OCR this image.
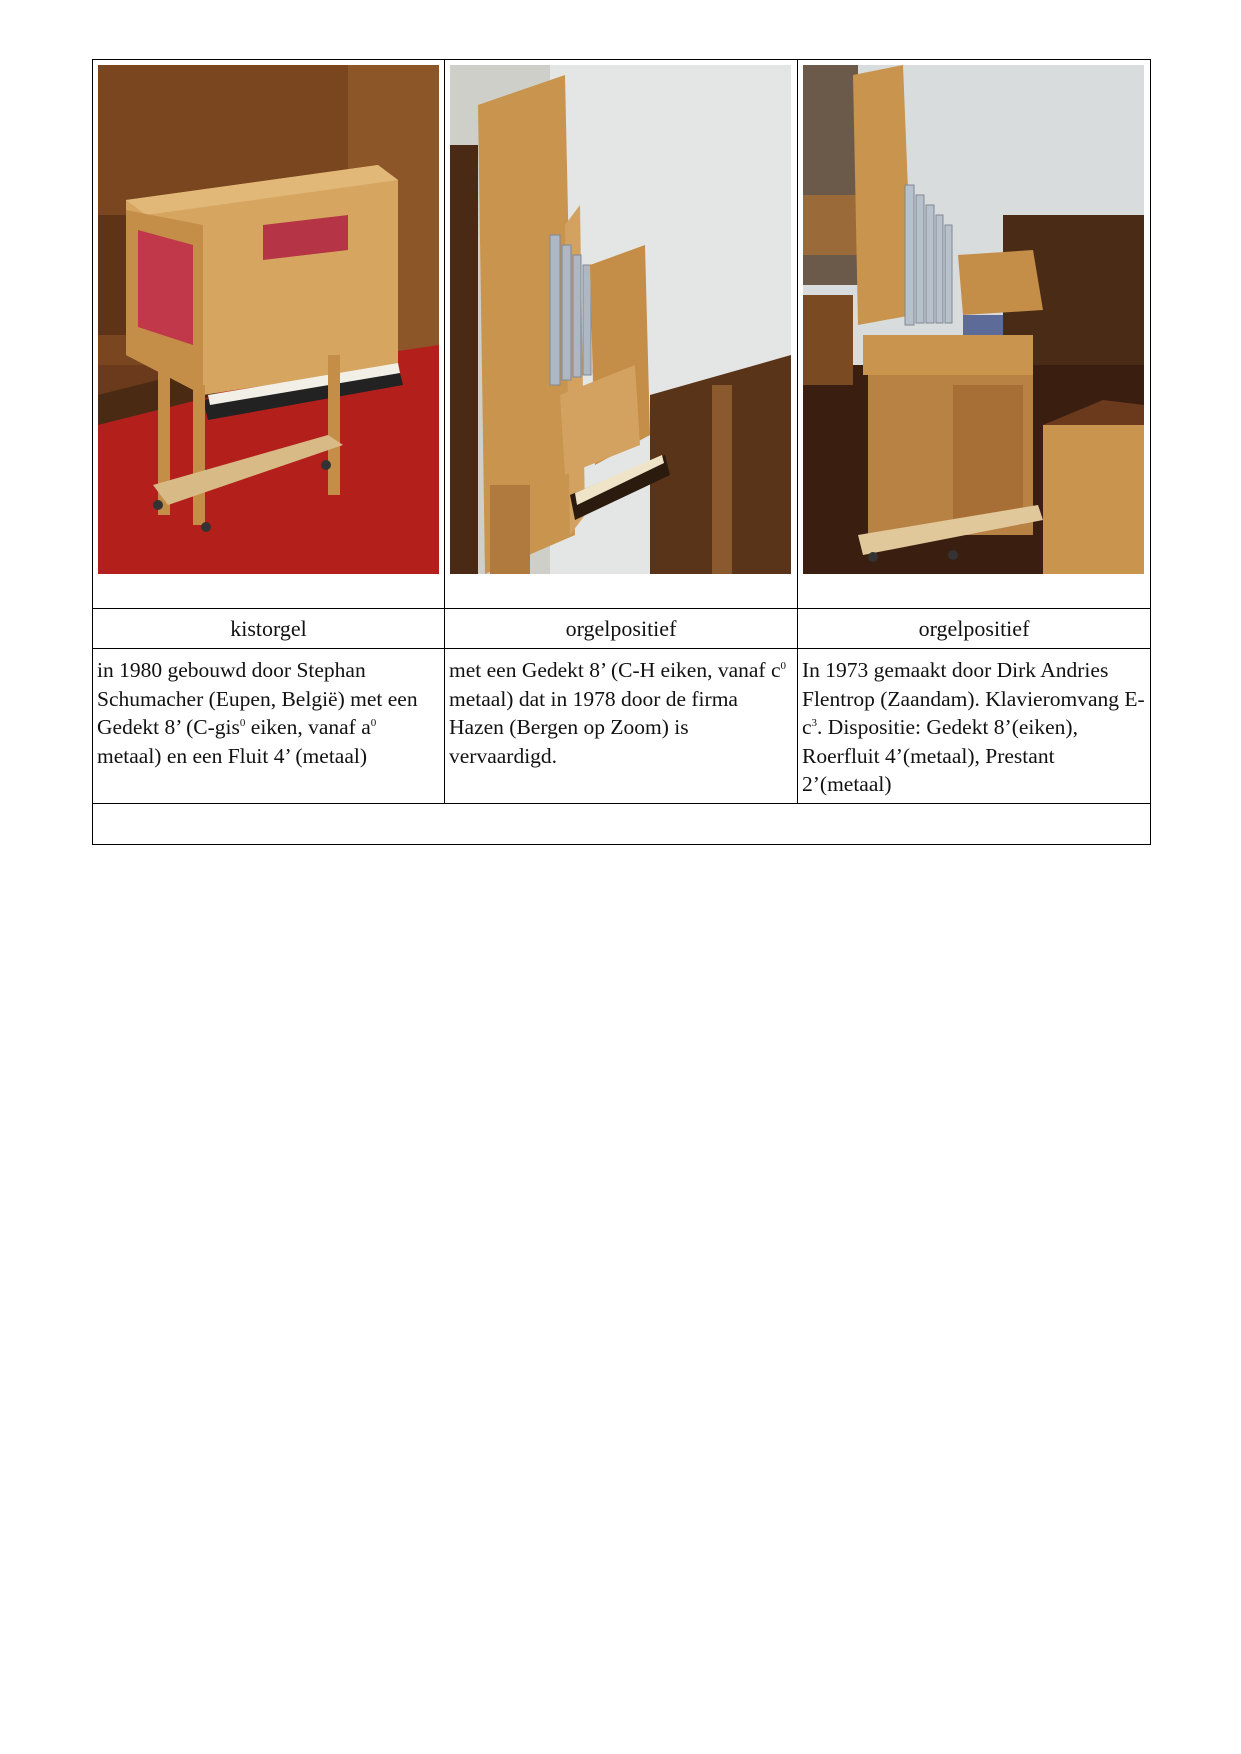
kistorgel	orgelpositief	orgelpositief

in 1980 gebouwd door Stephan Schumacher (Eupen, België) met een Gedekt 8’ (C-gis$^0$ eiken, vanaf $a^0$ metaal) en een Fluit 4’ (metaal)	met een Gedekt 8’ (C-H eiken, vanaf $c^0$ metaal) dat in 1978 door de firma Hazen (Bergen op Zoom) is vervaardigd.	In 1973 gemaakt door Dirk Andries Flentrop (Zaandam). Klavieromvang $E-c^3$. Dispositie: Gedekt 8’(eiken), Roerfluit 4’(metaal), Prestant 2’(metaal)
